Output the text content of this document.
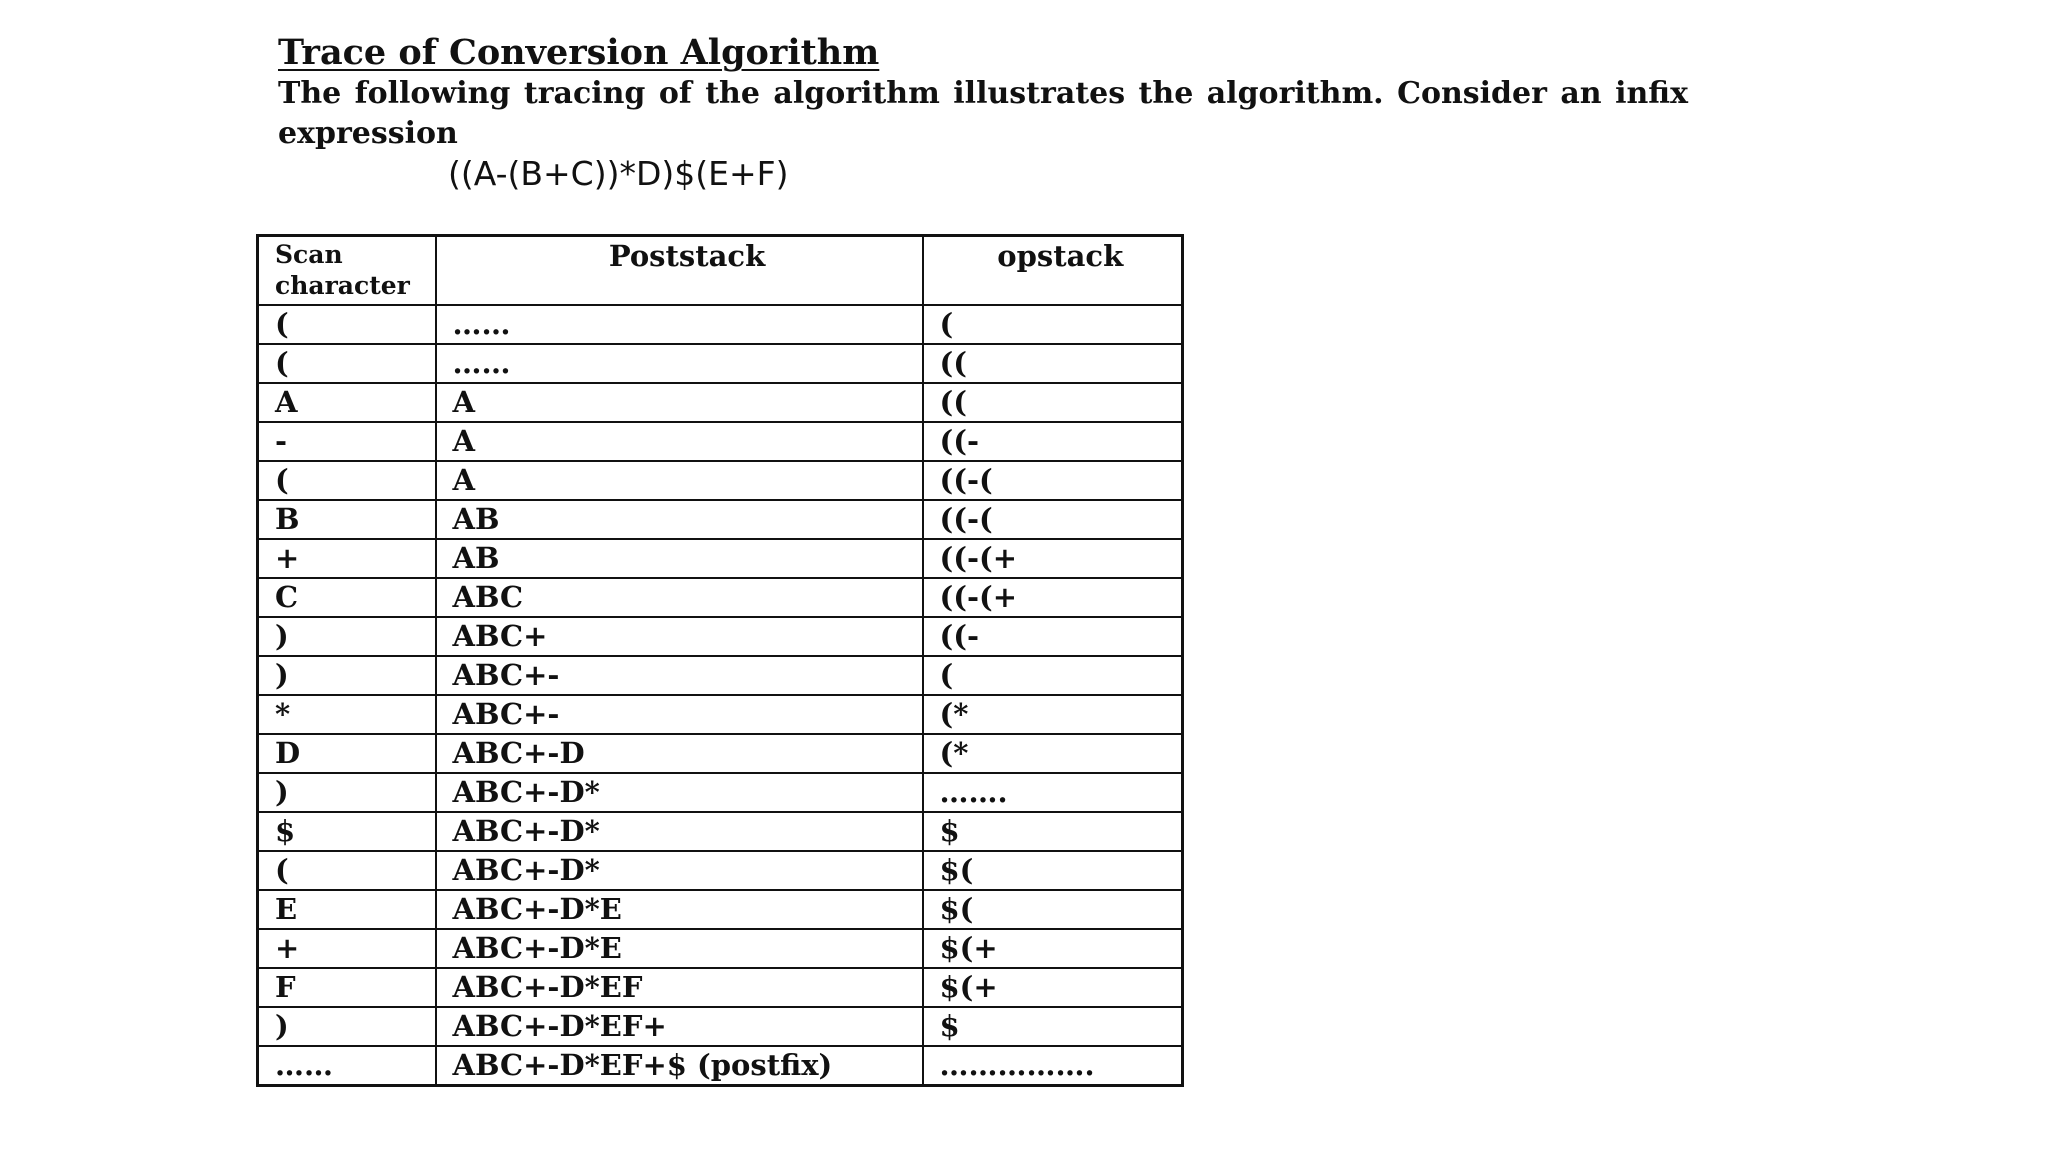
Trace of Conversion Algorithm
The following tracing of the algorithm illustrates the algorithm. Consider an infix expression
((A-(B+C))*D)$(E+F)
Scan character	Poststack	opstack
(	……	(
(	……	((
A	A	((
-	A	((-
(	A	((-(
B	AB	((-(
+	AB	((-(+
C	ABC	((-(+
)	ABC+	((-
)	ABC+-	(
*	ABC+-	(*
D	ABC+-D	(*
)	ABC+-D*	…….
$	ABC+-D*	$
(	ABC+-D*	$(
E	ABC+-D*E	$(
+	ABC+-D*E	$(+
F	ABC+-D*EF	$(+
)	ABC+-D*EF+	$
……	ABC+-D*EF+$ (postfix)	…………….
